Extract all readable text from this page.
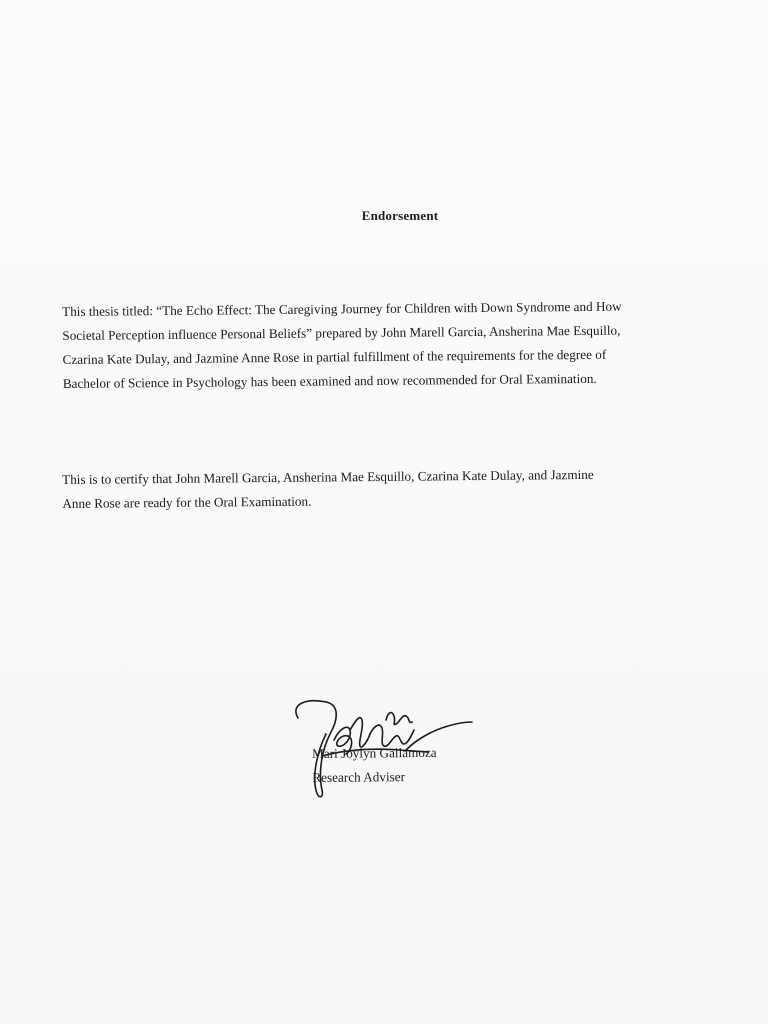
Endorsement
This thesis titled: “The Echo Effect: The Caregiving Journey for Children with Down Syndrome and How
Societal Perception influence Personal Beliefs” prepared by John Marell Garcia, Ansherina Mae Esquillo,
Czarina Kate Dulay, and Jazmine Anne Rose in partial fulfillment of the requirements for the degree of
Bachelor of Science in Psychology has been examined and now recommended for Oral Examination.
This is to certify that John Marell Garcia, Ansherina Mae Esquillo, Czarina Kate Dulay, and Jazmine
Anne Rose are ready for the Oral Examination.
Mari Joylyn Gallamoza
Research Adviser
